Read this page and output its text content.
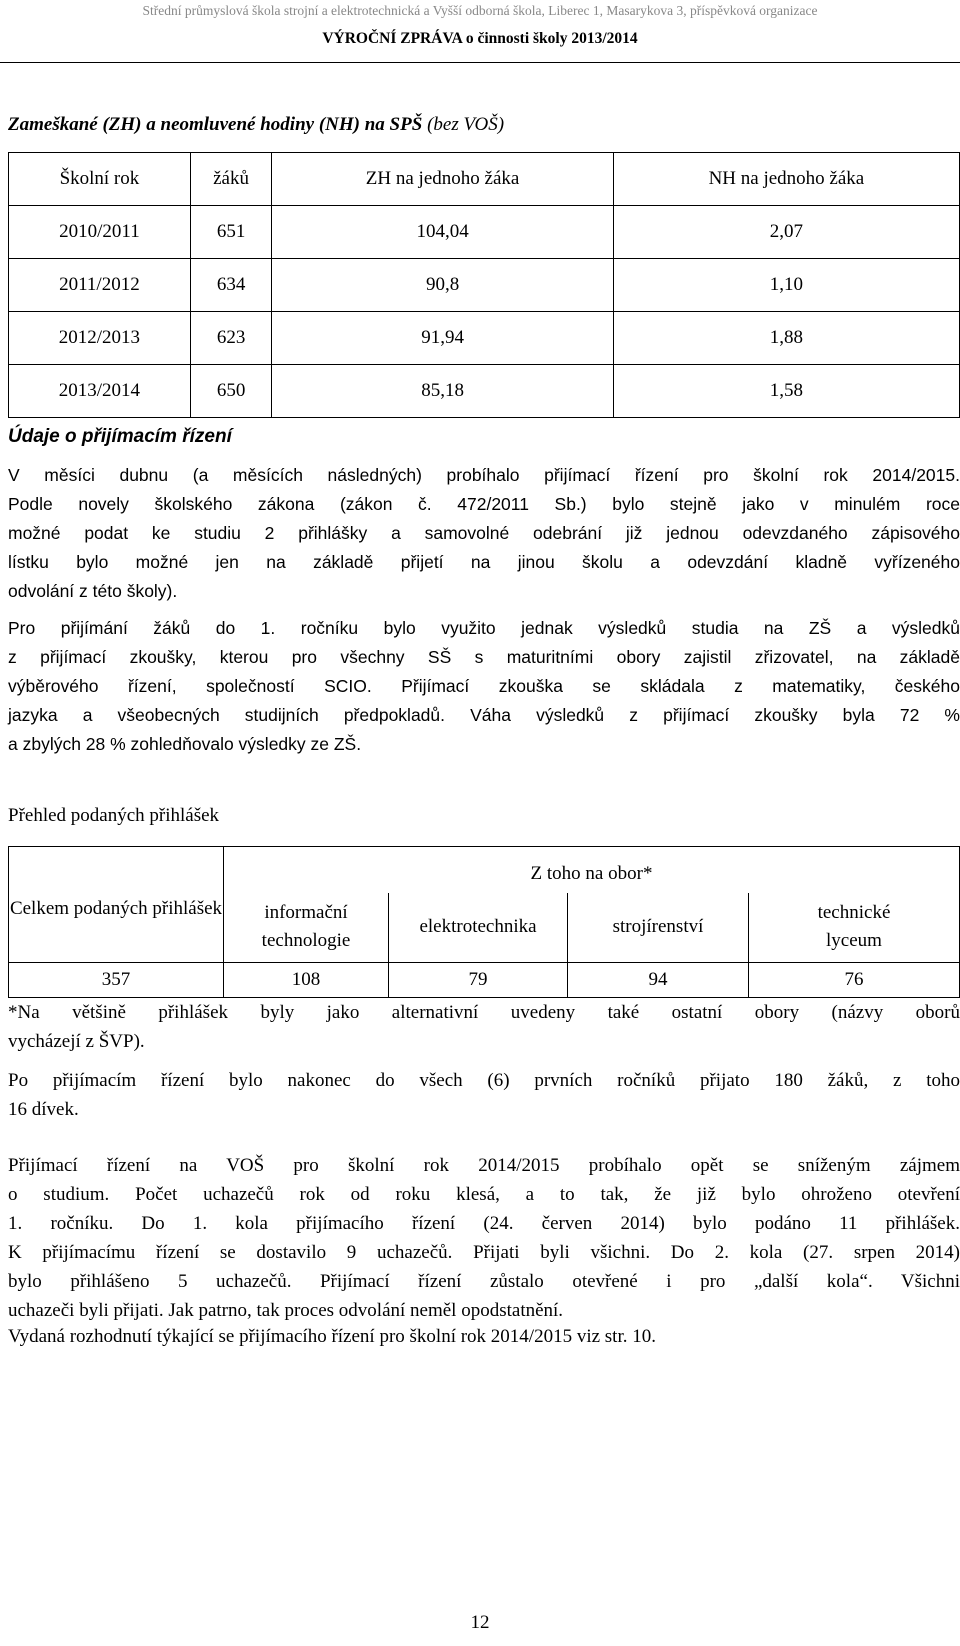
Střední průmyslová škola strojní a elektrotechnická a Vyšší odborná škola, Liberec 1, Masarykova 3, příspěvková organizace
VÝROČNÍ ZPRÁVA o činnosti školy 2013/2014
Zameškané (ZH) a neomluvené hodiny (NH) na SPŠ (bez VOŠ)
Školní rok	žáků	ZH na jednoho žáka	NH na jednoho žáka
2010/2011	651	104,04	2,07
2011/2012	634	90,8	1,10
2012/2013	623	91,94	1,88
2013/2014	650	85,18	1,58
Údaje o přijímacím řízení
V měsíci dubnu (a měsících následných) probíhalo přijímací řízení pro školní rok 2014/2015.
Podle novely školského zákona (zákon č. 472/2011 Sb.) bylo stejně jako v minulém roce
možné podat ke studiu 2 přihlášky a samovolné odebrání již jednou odevzdaného zápisového
lístku bylo možné jen na základě přijetí na jinou školu a odevzdání kladně vyřízeného
odvolání z této školy).
Pro přijímání žáků do 1. ročníku bylo využito jednak výsledků studia na ZŠ a výsledků
z přijímací zkoušky, kterou pro všechny SŠ s maturitními obory zajistil zřizovatel, na základě
výběrového řízení, společností SCIO. Přijímací zkouška se skládala z matematiky, českého
jazyka a všeobecných studijních předpokladů. Váha výsledků z přijímací zkoušky byla 72 %
a zbylých 28 % zohledňovalo výsledky ze ZŠ.
Přehled podaných přihlášek
Celkem podaných přihlášek	Z toho na obor*			
	informační technologie	elektrotechnika	strojírenství	technické lyceum
357	108	79	94	76
*Na většině přihlášek byly jako alternativní uvedeny také ostatní obory (názvy oborů
vycházejí z ŠVP).
Po přijímacím řízení bylo nakonec do všech (6) prvních ročníků přijato 180 žáků, z toho
16 dívek.
Přijímací řízení na VOŠ pro školní rok 2014/2015 probíhalo opět se sníženým zájmem
o studium. Počet uchazečů rok od roku klesá, a to tak, že již bylo ohroženo otevření
1. ročníku. Do 1. kola přijímacího řízení (24. červen 2014) bylo podáno 11 přihlášek.
K přijímacímu řízení se dostavilo 9 uchazečů. Přijati byli všichni. Do 2. kola (27. srpen 2014)
bylo přihlášeno 5 uchazečů. Přijímací řízení zůstalo otevřené i pro „další kola“. Všichni
uchazeči byli přijati. Jak patrno, tak proces odvolání neměl opodstatnění.
Vydaná rozhodnutí týkající se přijímacího řízení pro školní rok 2014/2015 viz str. 10.
12
